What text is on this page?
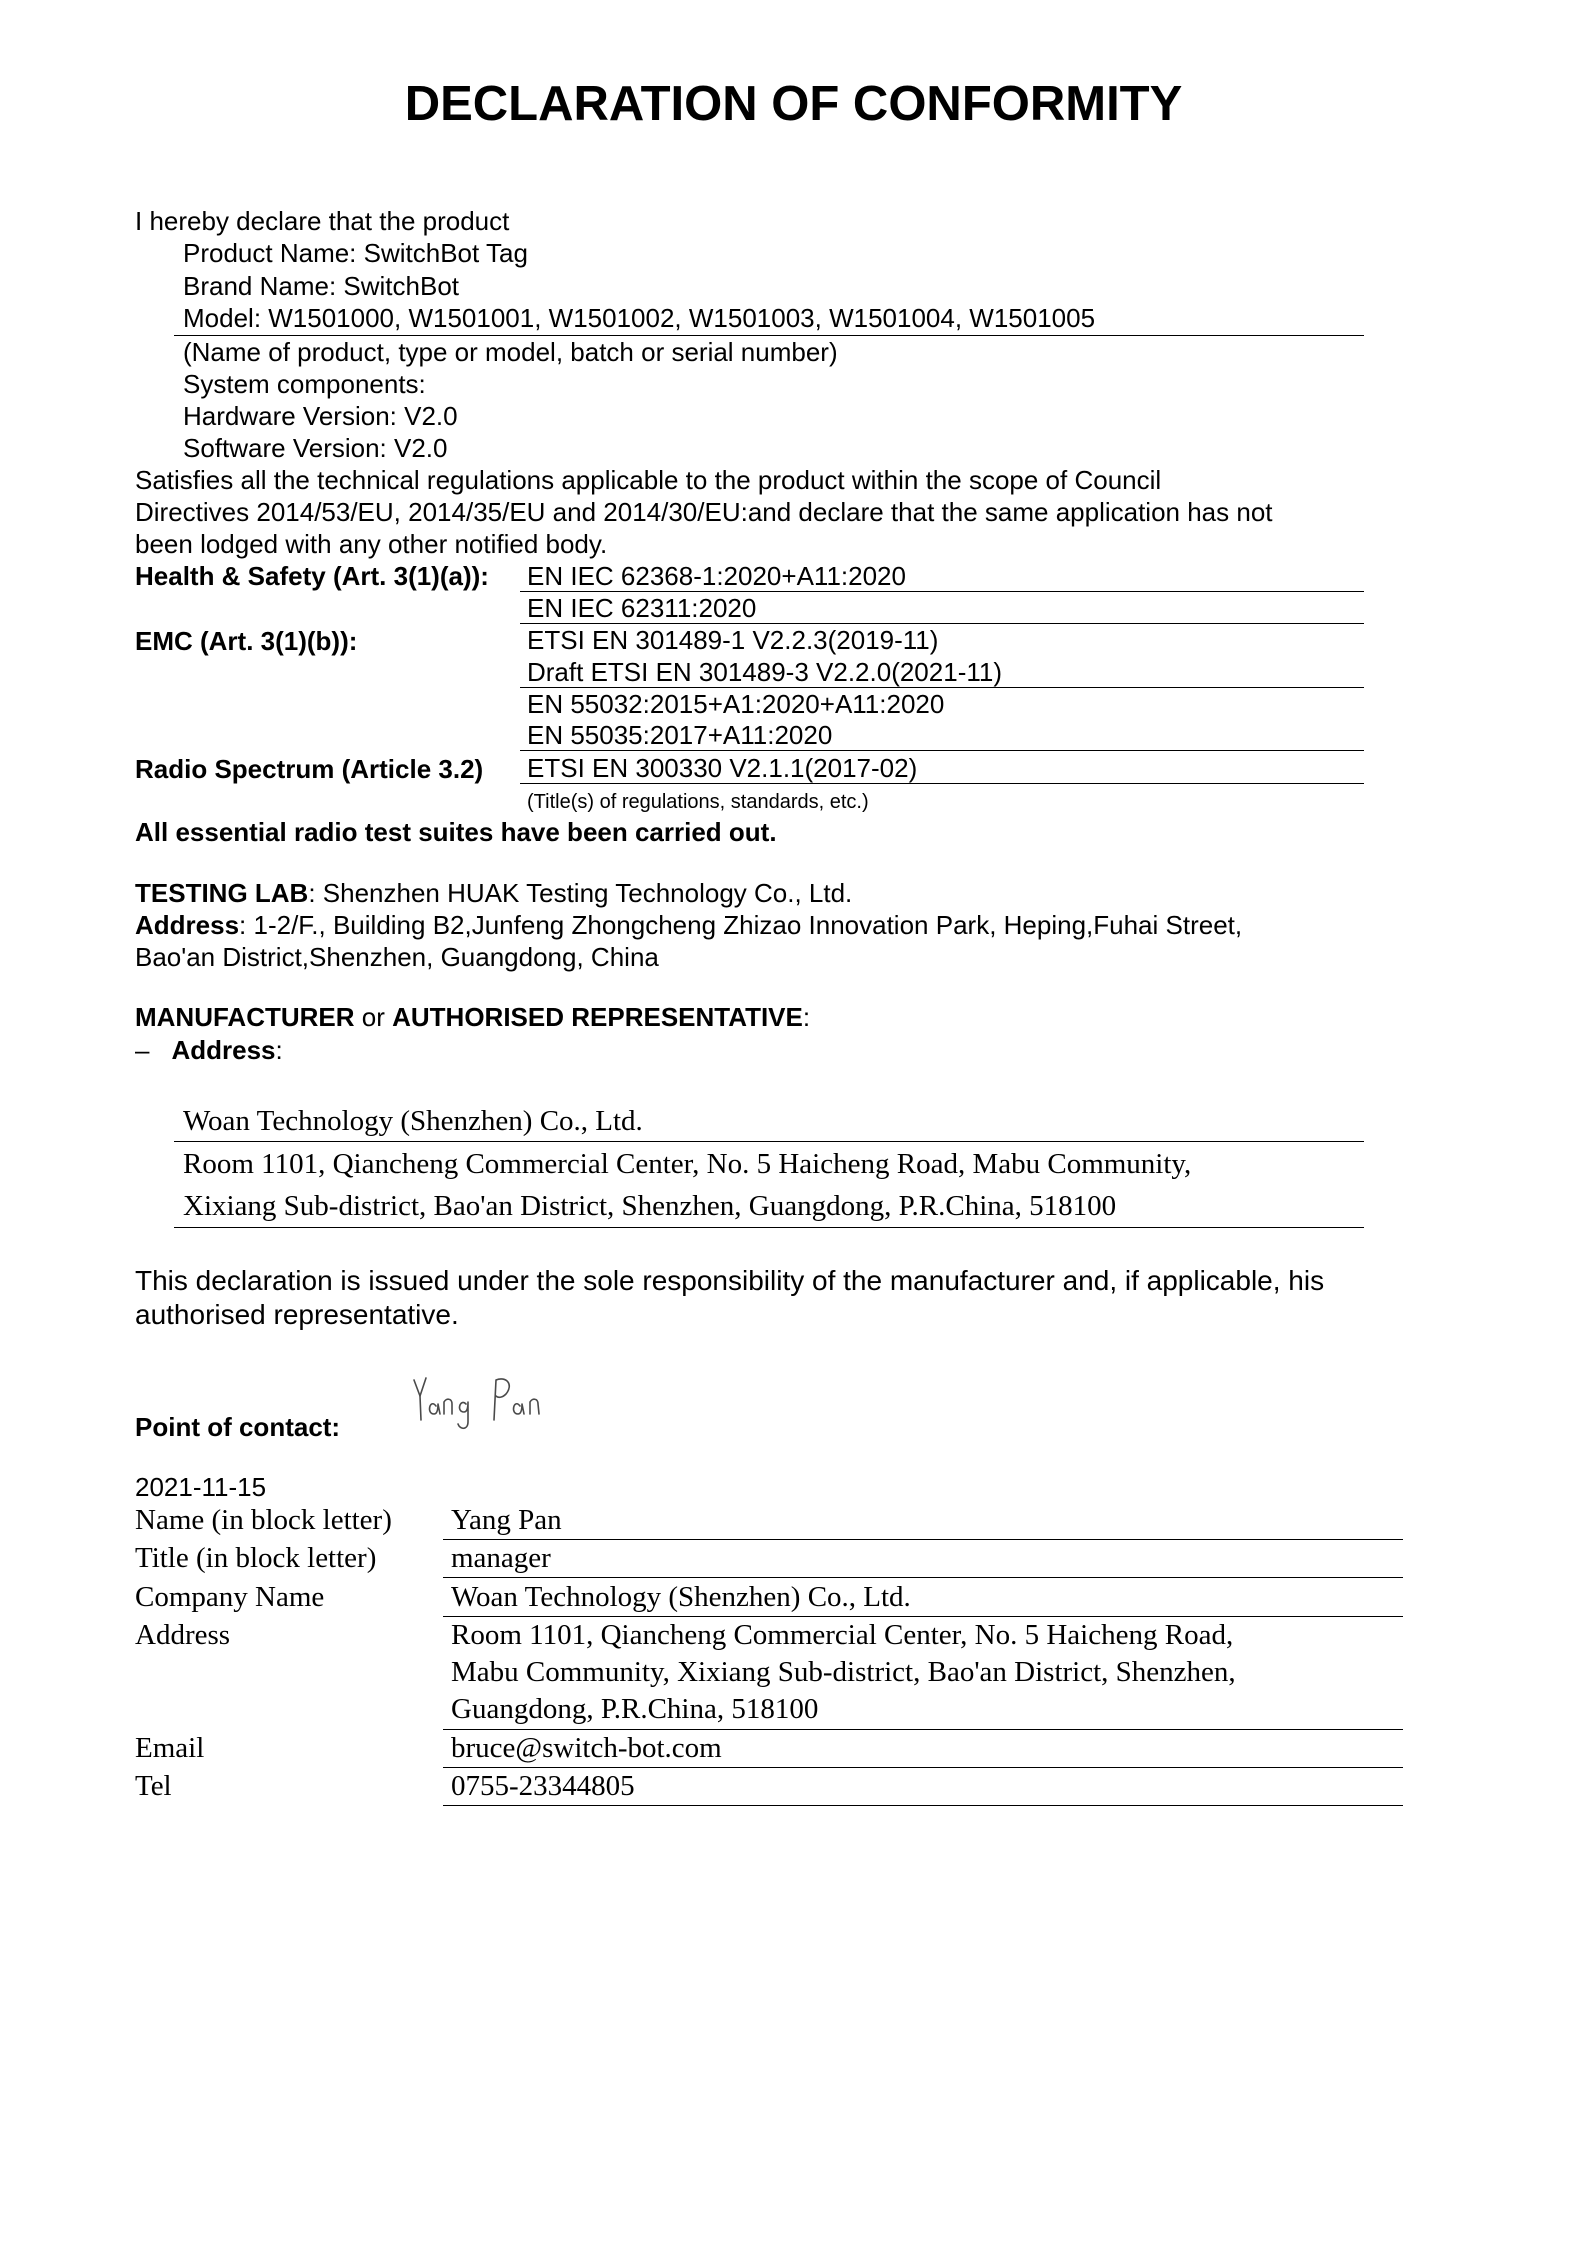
DECLARATION OF CONFORMITY
I hereby declare that the product
Product Name: SwitchBot Tag
Brand Name: SwitchBot
Model: W1501000, W1501001, W1501002, W1501003, W1501004, W1501005
(Name of product, type or model, batch or serial number)
System components:
Hardware Version: V2.0
Software Version: V2.0
Satisfies all the technical regulations applicable to the product within the scope of Council
Directives 2014/53/EU, 2014/35/EU and 2014/30/EU:and declare that the same application has not
been lodged with any other notified body.
Health & Safety (Art. 3(1)(a)): EN IEC 62368-1:2020+A11:2020
EN IEC 62311:2020
EMC (Art. 3(1)(b)):	ETSI EN 301489-1 V2.2.3(2019-11)
Draft ETSI EN 301489-3 V2.2.0(2021-11)
EN 55032:2015+A1:2020+A11:2020
EN 55035:2017+A11:2020
Radio Spectrum (Article 3.2) ETSI EN 300330 V2.1.1(2017-02)
(Title(s) of regulations, standards, etc.)
All essential radio test suites have been carried out.
TESTING LAB: Shenzhen HUAK Testing Technology Co., Ltd.
Address: 1-2/F., Building B2,Junfeng Zhongcheng Zhizao Innovation Park, Heping,Fuhai Street,
Bao'an District,Shenzhen, Guangdong, China
MANUFACTURER or AUTHORISED REPRESENTATIVE:
– Address:
Woan Technology (Shenzhen) Co., Ltd.
Room 1101, Qiancheng Commercial Center, No. 5 Haicheng Road, Mabu Community,
Xixiang Sub-district, Bao'an District, Shenzhen, Guangdong, P.R.China, 518100
This declaration is issued under the sole responsibility of the manufacturer and, if applicable, his
authorised representative.
Point of contact:
2021-11-15
Name (in block letter) Yang Pan
Title (in block letter)	manager
Company Name	Woan Technology (Shenzhen) Co., Ltd.
Address	Room 1101, Qiancheng Commercial Center, No. 5 Haicheng Road,
Mabu Community, Xixiang Sub-district, Bao'an District, Shenzhen,
Guangdong, P.R.China, 518100
Email	bruce@switch-bot.com
Tel	0755-23344805
